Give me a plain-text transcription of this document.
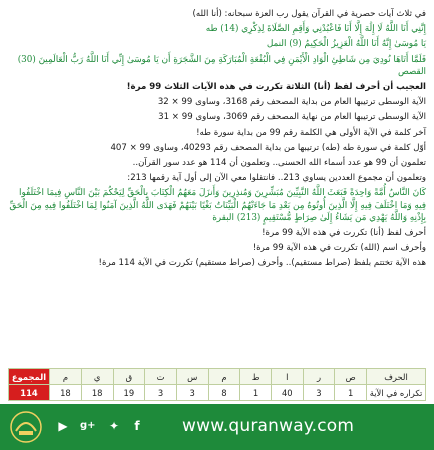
في ثلاث آيات حصرية في القرآن يقول رب العزة سبحانه: (أنا الله)

إِنَّنِي أَنَا اللَّهُ لَا إِلَٰهَ إِلَّا أَنَا فَاعْبُدْنِي وَأَقِمِ الصَّلَاةَ لِذِكْرِي (14) طه

يَا مُوسَىٰ إِنَّهُ أَنَا اللَّهُ الْعَزِيزُ الْحَكِيمُ (9) النمل

فَلَمَّا أَتَاهَا نُودِيَ مِن شَاطِئِ الْوَادِ الْأَيْمَنِ فِي الْبُقْعَةِ الْمُبَارَكَةِ مِنَ الشَّجَرَةِ أَن يَا مُوسَىٰ إِنِّي أَنَا اللَّهُ رَبُّ الْعَالَمِينَ (30) القصص

العجيب أن أحرف لفظ (أنا) الثلاثة تكررت في هذه الآيات الثلاث 99 مرة!

الآية الوسطى ترتيبها العام من بداية المصحف رقم 3168، وساوى 99 × 32

الآية الوسطى ترتيبها العام من نهاية المصحف رقم 3069، وساوى 99 × 31

آخر كلمة في الآية الأولى هي الكلمة رقم 99 من بداية سورة طه!

أوّل كلمة في سورة طه (طه) ترتيبها من بداية المصحف رقم 40293، وساوى 99 × 407

تعلمون أن 99 هو عدد أسماء الله الحسنى.. وتعلمون أن 114 هو عدد سور القرآن..

وتعلمون أن مجموع العددين يساوي 213.. فانتقلوا معي الآن إلى أول آية رقمها 213:

كَانَ النَّاسُ أُمَّةً وَاحِدَةً فَبَعَثَ اللَّهُ النَّبِيِّينَ مُبَشِّرِينَ وَمُنذِرِينَ وَأَنزَلَ مَعَهُمُ الْكِتَابَ بِالْحَقِّ لِيَحْكُمَ بَيْنَ النَّاسِ فِيمَا اخْتَلَفُوا فِيهِ وَمَا اخْتَلَفَ فِيهِ إِلَّا الَّذِينَ أُوتُوهُ مِن بَعْدِ مَا جَاءَتْهُمُ الْبَيِّنَاتُ بَغْيًا بَيْنَهُمْ فَهَدَى اللَّهُ الَّذِينَ آمَنُوا لِمَا اخْتَلَفُوا فِيهِ مِنَ الْحَقِّ بِإِذْنِهِ وَاللَّهُ يَهْدِي مَن يَشَاءُ إِلَىٰ صِرَاطٍ مُّسْتَقِيمٍ (213) البقرة

أحرف لفظ (أنا) تكررت في هذه الآية 99 مرة!

وأحرف اسم (الله) تكررت في هذه الآية 99 مرة!

هذه الآية تختتم بلفظ (صراط مستقيم).. وأحرف (صراط مستقيم) تكررت في الآية 114 مرة!

الحرف	ص	ر	ا	ط	م	س	ت	ق	ي	م	المجموع
تكراره في الآية	1	3	40	1	8	3	3	19	18	18	114
▶ g+ ✦	f www.quranway.com
